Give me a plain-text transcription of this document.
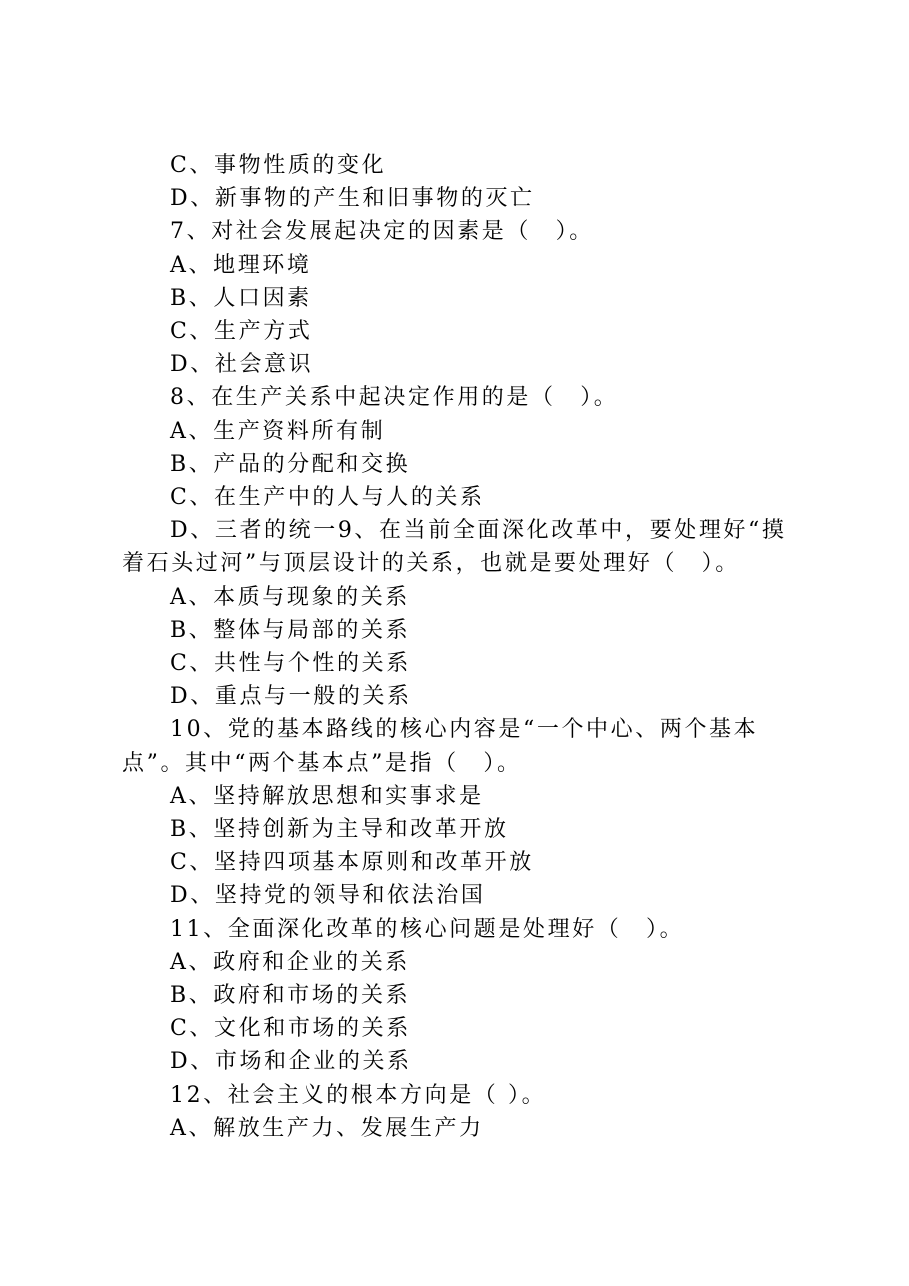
C、事物性质的变化
D、新事物的产生和旧事物的灭亡
7、对社会发展起决定的因素是（　）。
A、地理环境
B、人口因素
C、生产方式
D、社会意识
8、在生产关系中起决定作用的是（　）。
A、生产资料所有制
B、产品的分配和交换
C、在生产中的人与人的关系
D、三者的统一9、在当前全面深化改革中，要处理好“摸着石头过河”与顶层设计的关系，也就是要处理好（　）。
A、本质与现象的关系
B、整体与局部的关系
C、共性与个性的关系
D、重点与一般的关系
10、党的基本路线的核心内容是“一个中心、两个基本点”。其中“两个基本点”是指（　）。
A、坚持解放思想和实事求是
B、坚持创新为主导和改革开放
C、坚持四项基本原则和改革开放
D、坚持党的领导和依法治国
11、全面深化改革的核心问题是处理好（　）。
A、政府和企业的关系
B、政府和市场的关系
C、文化和市场的关系
D、市场和企业的关系
12、社会主义的根本方向是（ ）。
A、解放生产力、发展生产力
